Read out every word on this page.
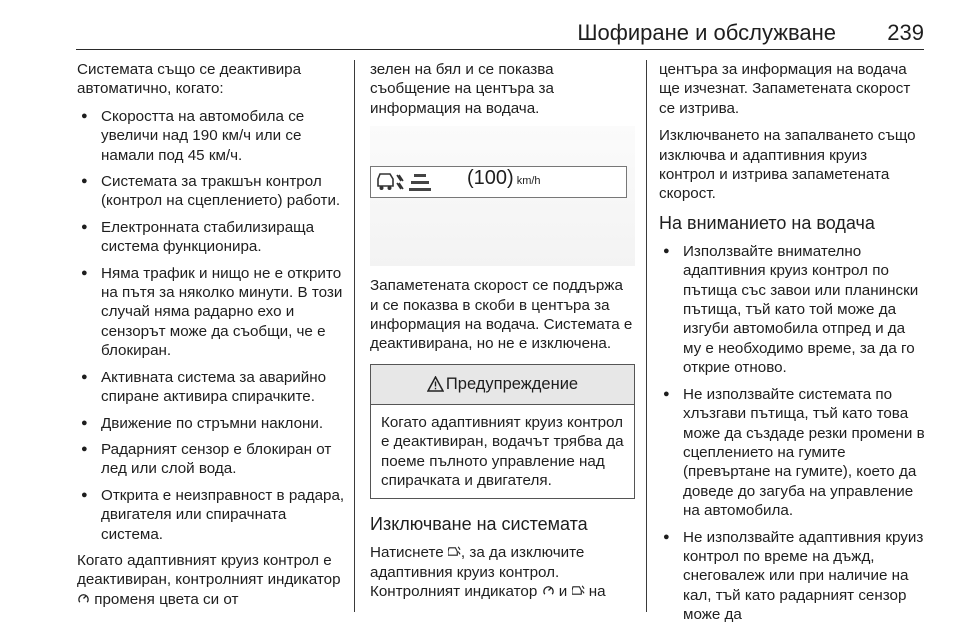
Шофиране и обслужване 239

Системата също се деактивира автоматично, когато:

● Скоростта на автомобила се увеличи над 190 км/ч или се намали под 45 км/ч.
● Системата за тракшън контрол (контрол на сцеплението) работи.
● Електронната стабилизираща система функционира.
● Няма трафик и нищо не е открито на пътя за няколко минути. В този случай няма радарно ехо и сензорът може да съобщи, че е блокиран.
● Активната система за аварийно спиране активира спирачките.
● Движение по стръмни наклони.
● Радарният сензор е блокиран от лед или слой вода.
● Открита е неизправност в радара, двигателя или спирачната система.

Когато адаптивният круиз контрол е деактивиран, контролният индикатор  променя цвета си от

зелен на бял и се показва съобщение на центъра за информация на водача.

(100) km/h

Запаметената скорост се поддържа и се показва в скоби в центъра за информация на водача. Системата е деактивирана, но не е изключена.

Предупреждение
Когато адаптивният круиз контрол е деактивиран, водачът трябва да поеме пълното управление над спирачката и двигателя.
Изключване на системата

Натиснете , за да изключите адаптивния круиз контрол. Контролният индикатор и на

центъра за информация на водача ще изчезнат. Запаметената скорост се изтрива.

Изключването на запалването също изключва и адаптивния круиз контрол и изтрива запаметената скорост.

На вниманието на водача
● Използвайте внимателно адаптивния круиз контрол по пътища със завои или планински пътища, тъй като той може да изгуби автомобила отпред и да му е необходимо време, за да го открие отново.
● Не използвайте системата по хлъзгави пътища, тъй като това може да създаде резки промени в сцеплението на гумите (превъртане на гумите), което да доведе до загуба на управление на автомобила.
● Не използвайте адаптивния круиз контрол по време на дъжд, снеговалеж или при наличие на кал, тъй като радарният сензор може да
